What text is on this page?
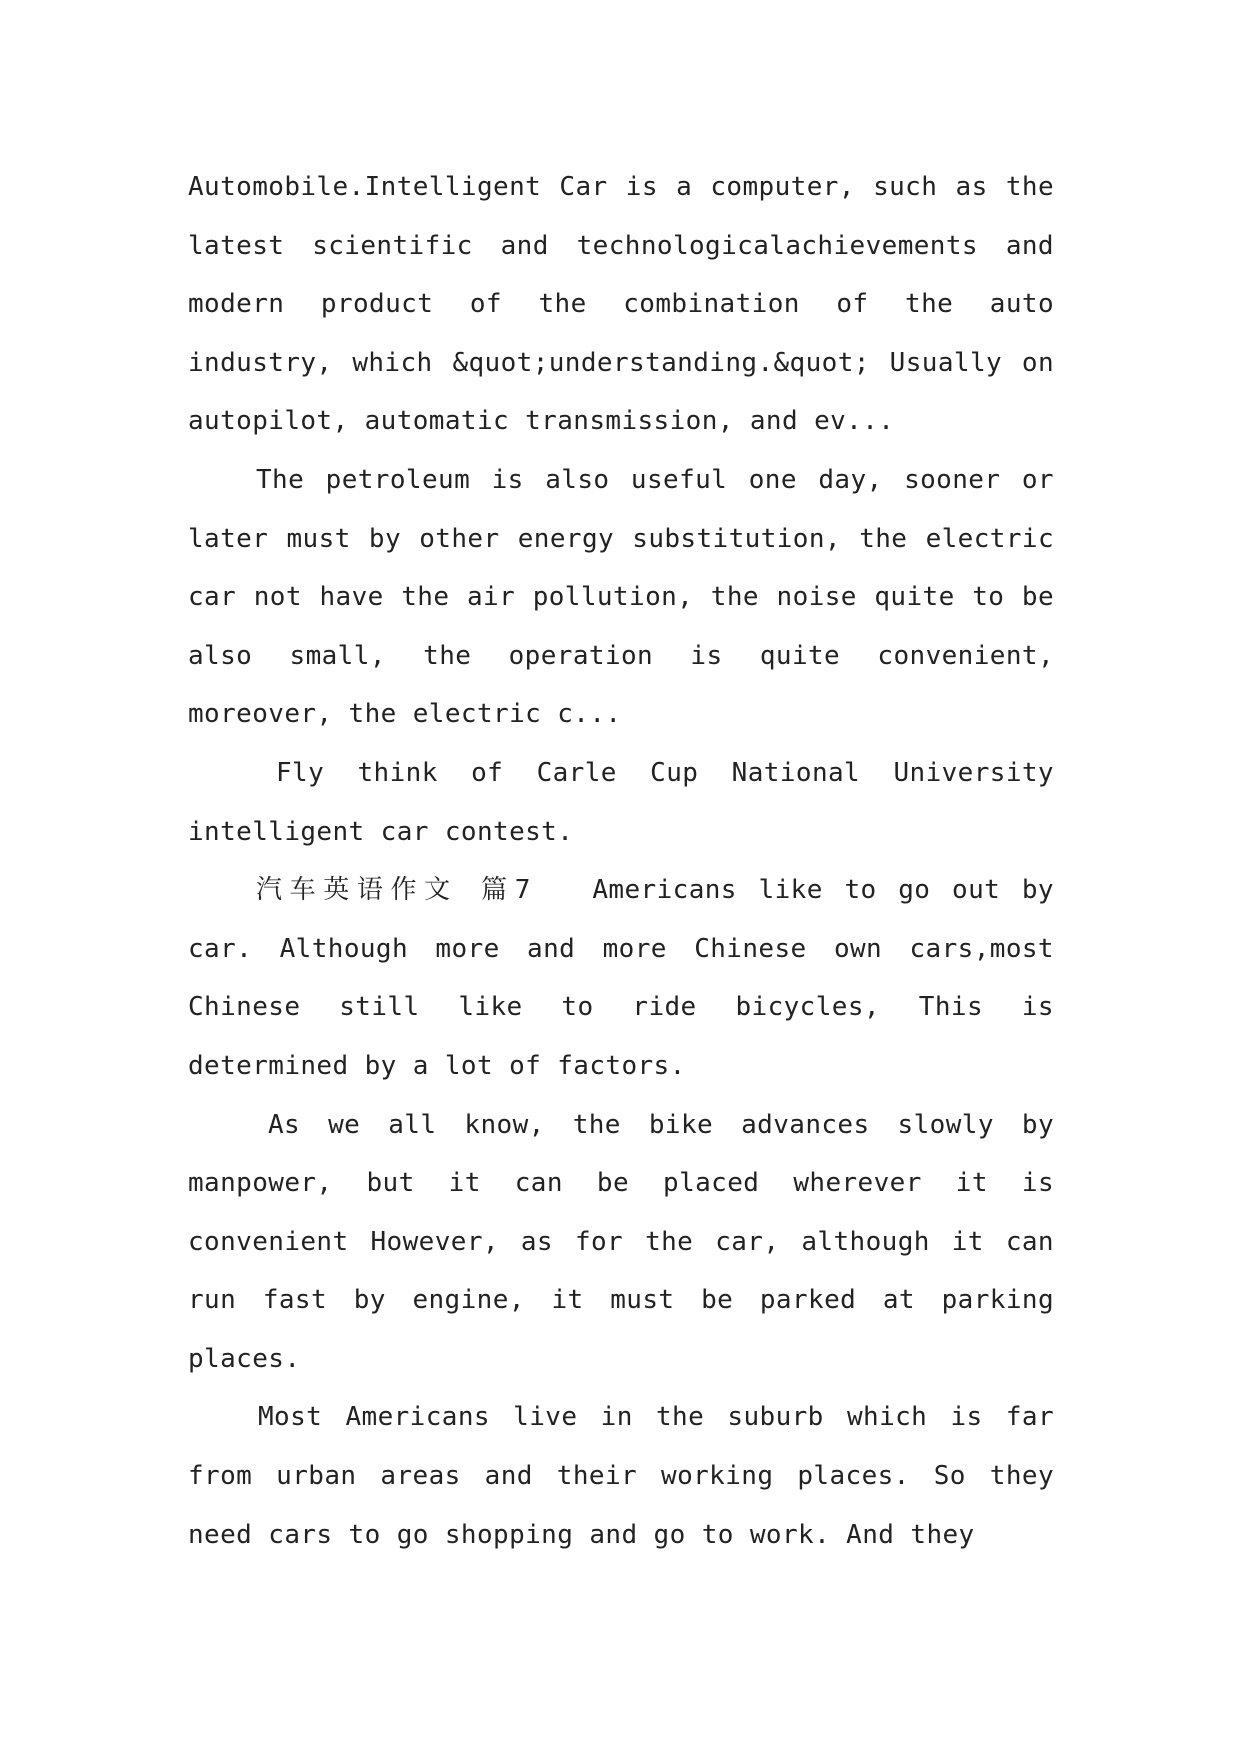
Automobile.Intelligent Car is a computer, such as the latest scientific and technologicalachievements and modern product of the combination of the auto industry, which &quot;understanding.&quot; Usually on autopilot, automatic transmission, and ev...

The petroleum is also useful one day, sooner or later must by other energy substitution, the electric car not have the air pollution, the noise quite to be also small, the operation is quite convenient, moreover, the electric c...

Fly think of Carle Cup National University intelligent car contest.

汽车英语作文 篇7 Americans like to go out by car. Although more and more Chinese own cars,most Chinese still like to ride bicycles, This is determined by a lot of factors.

As we all know, the bike advances slowly by manpower, but it can be placed wherever it is convenient However, as for the car, although it can run fast by engine, it must be parked at parking places.

Most Americans live in the suburb which is far from urban areas and their working places. So they need cars to go shopping and go to work. And they
